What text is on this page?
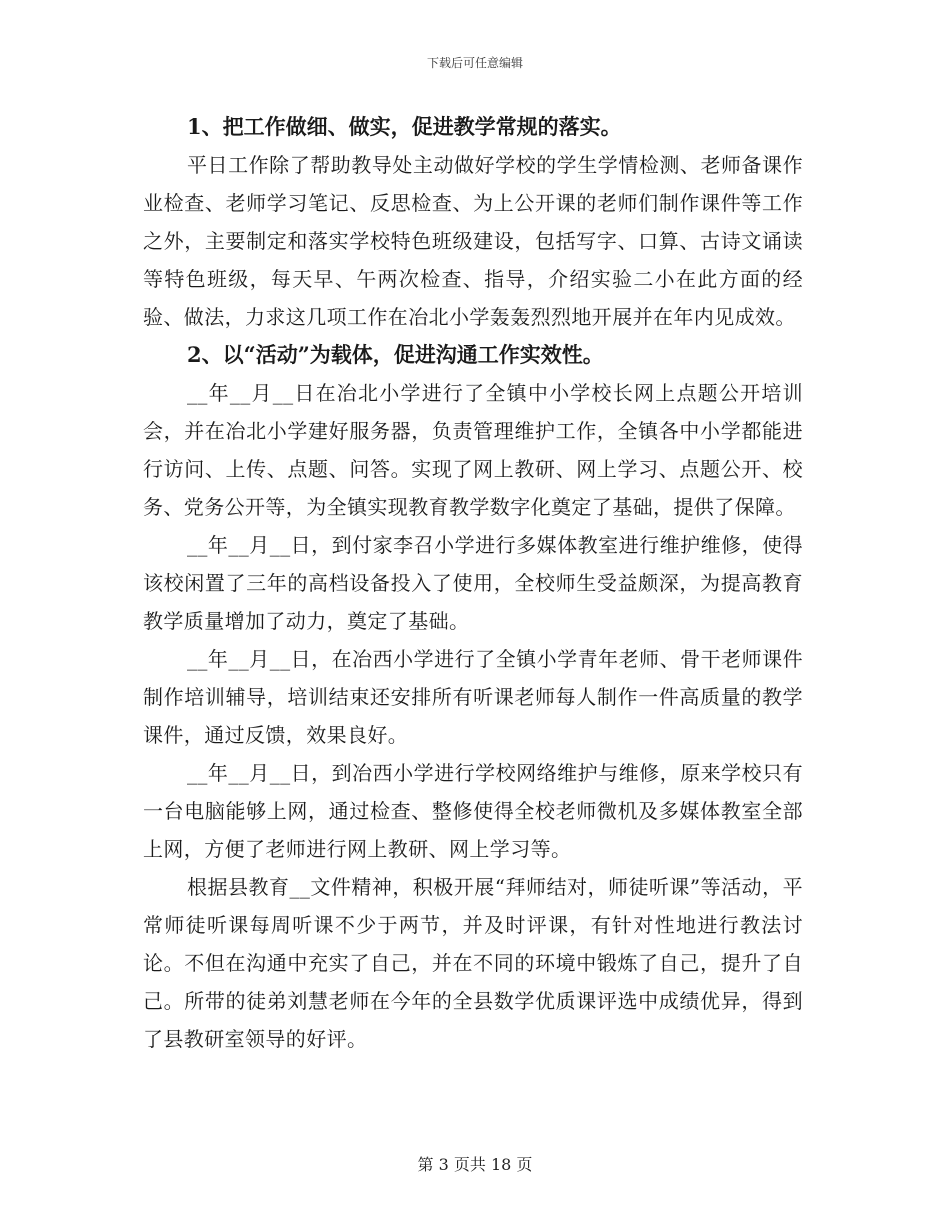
下载后可任意编辑

1、把工作做细、做实，促进教学常规的落实。

平日工作除了帮助教导处主动做好学校的学生学情检测、老师备课作业检查、老师学习笔记、反思检查、为上公开课的老师们制作课件等工作之外，主要制定和落实学校特色班级建设，包括写字、口算、古诗文诵读等特色班级，每天早、午两次检查、指导，介绍实验二小在此方面的经验、做法，力求这几项工作在冶北小学轰轰烈烈地开展并在年内见成效。

2、以“活动”为载体，促进沟通工作实效性。

__年__月__日在冶北小学进行了全镇中小学校长网上点题公开培训会，并在冶北小学建好服务器，负责管理维护工作，全镇各中小学都能进行访问、上传、点题、问答。实现了网上教研、网上学习、点题公开、校务、党务公开等，为全镇实现教育教学数字化奠定了基础，提供了保障。

__年__月__日，到付家李召小学进行多媒体教室进行维护维修，使得该校闲置了三年的高档设备投入了使用，全校师生受益颇深，为提高教育教学质量增加了动力，奠定了基础。

__年__月__日，在冶西小学进行了全镇小学青年老师、骨干老师课件制作培训辅导，培训结束还安排所有听课老师每人制作一件高质量的教学课件，通过反馈，效果良好。

__年__月__日，到冶西小学进行学校网络维护与维修，原来学校只有一台电脑能够上网，通过检查、整修使得全校老师微机及多媒体教室全部上网，方便了老师进行网上教研、网上学习等。

根据县教育__文件精神，积极开展“拜师结对，师徒听课”等活动，平常师徒听课每周听课不少于两节，并及时评课，有针对性地进行教法讨论。不但在沟通中充实了自己，并在不同的环境中锻炼了自己，提升了自己。所带的徒弟刘慧老师在今年的全县数学优质课评选中成绩优异，得到了县教研室领导的好评。

第 3 页共 18 页
